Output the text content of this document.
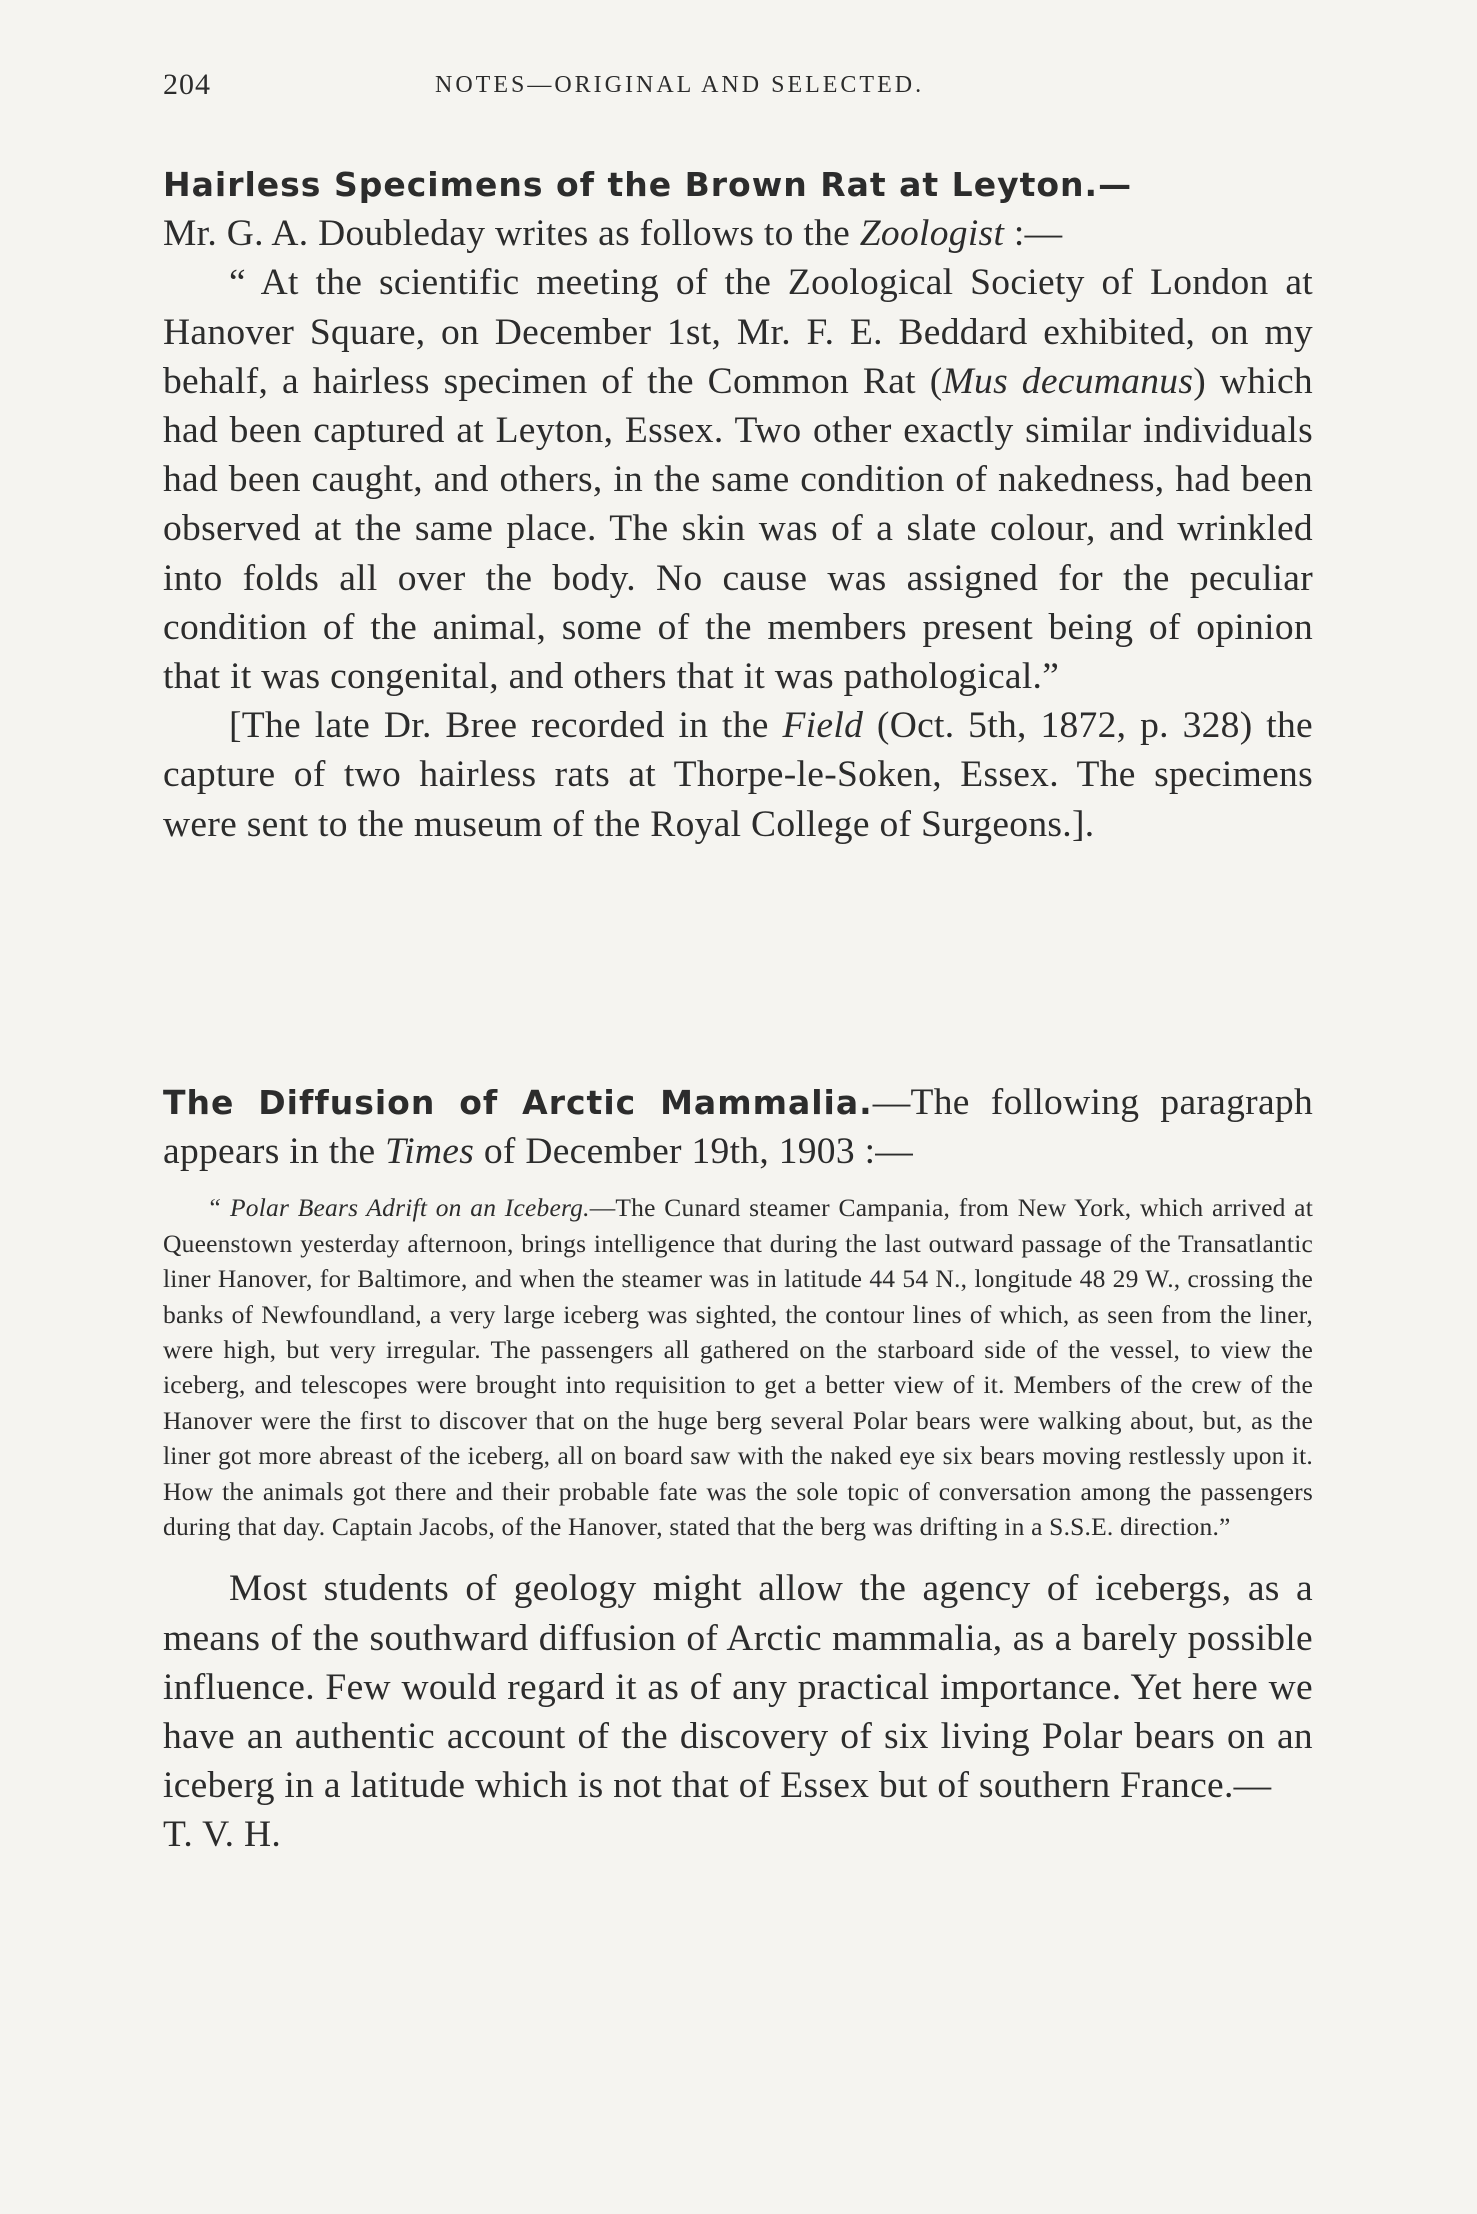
204	NOTES—ORIGINAL AND SELECTED.

Hairless Specimens of the Brown Rat at Leyton.—
Mr. G. A. Doubleday writes as follows to the Zoologist :—

“ At the scientific meeting of the Zoological Society of London at Hanover Square, on December 1st, Mr. F. E. Beddard exhibited, on my behalf, a hairless specimen of the Common Rat (Mus decumanus) which had been captured at Leyton, Essex. Two other exactly similar individuals had been caught, and others, in the same condition of nakedness, had been observed at the same place. The skin was of a slate colour, and wrinkled into folds all over the body. No cause was assigned for the peculiar condition of the animal, some of the members present being of opinion that it was congenital, and others that it was pathological.”

[The late Dr. Bree recorded in the Field (Oct. 5th, 1872, p. 328) the capture of two hairless rats at Thorpe-le-Soken, Essex. The specimens were sent to the museum of the Royal College of Surgeons.].

The Diffusion of Arctic Mammalia.—The following paragraph appears in the Times of December 19th, 1903 :—

“ Polar Bears Adrift on an Iceberg.—The Cunard steamer Campania, from New York, which arrived at Queenstown yesterday afternoon, brings intelligence that during the last outward passage of the Transatlantic liner Hanover, for Baltimore, and when the steamer was in latitude 44 54 N., longitude 48 29 W., crossing the banks of Newfoundland, a very large iceberg was sighted, the contour lines of which, as seen from the liner, were high, but very irregular. The passengers all gathered on the starboard side of the vessel, to view the iceberg, and telescopes were brought into requisition to get a better view of it. Members of the crew of the Hanover were the first to discover that on the huge berg several Polar bears were walking about, but, as the liner got more abreast of the iceberg, all on board saw with the naked eye six bears moving restlessly upon it. How the animals got there and their probable fate was the sole topic of conversation among the passengers during that day. Captain Jacobs, of the Hanover, stated that the berg was drifting in a S.S.E. direction.”

Most students of geology might allow the agency of icebergs, as a means of the southward diffusion of Arctic mammalia, as a barely possible influence. Few would regard it as of any practical importance. Yet here we have an authentic account of the discovery of six living Polar bears on an iceberg in a latitude which is not that of Essex but of southern France.—
T. V. H.
